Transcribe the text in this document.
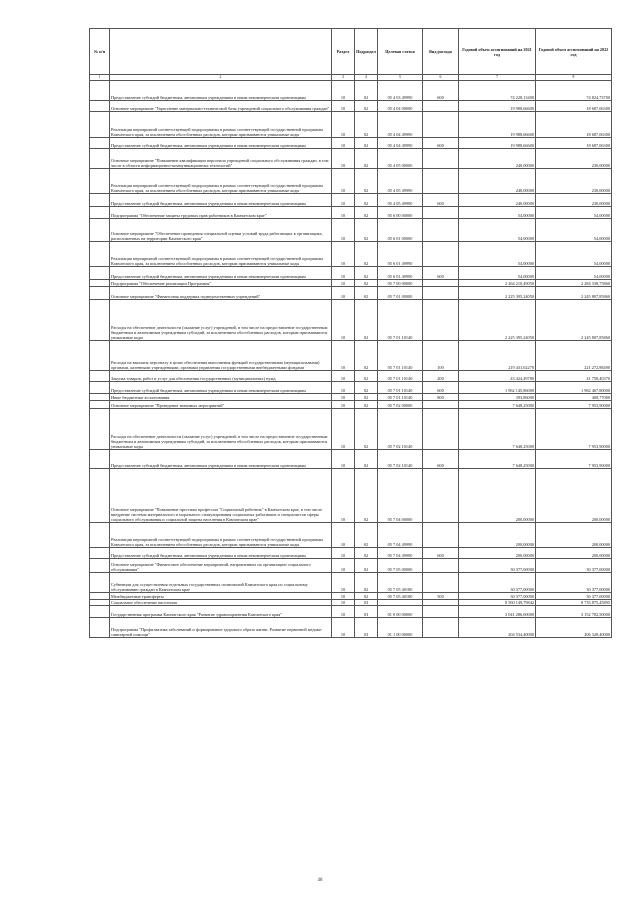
№ п/п		Раздел	Подраздел	Целевая статья	Вид расхода	Годовой объем ассигнований на 2021 год	Годовой объем ассигнований на 2022 год
1	2	3	4	5	6	7	8
	Предоставление субсидий бюджетным, автономным учреждениям и иным некоммерческим организациям	10	02	05 4 03 49990	600	74 228,13400	74 824,73700
	Основное мероприятие "Укрепление материально-технической базы учреждений социального обслуживания граждан"	10	02	05 4 04 00000		19 988,66600	18 687,06300
	Реализация мероприятий соответствующей подпрограммы в рамках соответствующей государственной программы Камчатского края, за исключением обособленных расходов, которым присваиваются уникальные коды	10	02	05 4 04 49990		19 988,66600	18 687,06300
	Предоставление субсидий бюджетным, автономным учреждениям и иным некоммерческим организациям	10	02	05 4 04 49990	600	19 988,66600	18 687,06300
	Основное мероприятие "Повышение квалификации персонала учреждений социального обслуживания граждан, в том числе в области информационно-коммуникационных технологий"	10	02	05 4 05 00000		240,00000	230,00000
	Реализация мероприятий соответствующей подпрограммы в рамках соответствующей государственной программы Камчатского края, за исключением обособленных расходов, которым присваиваются уникальные коды	10	02	05 4 05 49990		240,00000	230,00000
	Предоставление субсидий бюджетным, автономным учреждениям и иным некоммерческим организациям	10	02	05 4 05 49990	600	240,00000	230,00000
	Подпрограмма "Обеспечение защиты трудовых прав работников в Камчатском крае"	10	02	05 6 00 00000		54,00000	54,00000
	Основное мероприятие "Обеспечение проведения специальной оценки условий труда работающих в организациях, расположенных на территории Камчатского края"	10	02	05 6 01 00000		54,00000	54,00000
	Реализация мероприятий соответствующей подпрограммы в рамках соответствующей государственной программы Камчатского края, за исключением обособленных расходов, которым присваиваются уникальные коды	10	02	05 6 01 49990		54,00000	54,00000
	Предоставление субсидий бюджетным, автономным учреждениям и иным некоммерческим организациям	10	02	05 6 01 49990	600	54,00000	54,00000
	Подпрограмма "Обеспечение реализации Программы"	10	02	05 7 00 00000		2 264 210,49050	2 284 338,75860
	Основное мероприятие "Финансовая поддержка подведомственных учреждений"	10	02	05 7 01 00000		2 225 395,24050	2 245 807,85860
	Расходы на обеспечение деятельности (оказание услуг) учреждений, в том числе на предоставление государственным бюджетным и автономным учреждениям субсидий, за исключением обособленных расходов, которым присваиваются уникальные коды	10	02	05 7 01 10140		2 225 395,24050	2 245 807,85860
	Расходы на выплаты персоналу в целях обеспечения выполнения функций государственными (муниципальными) органами, казенными учреждениями, органами управления государственными внебюджетными фондами	10	02	05 7 01 10140	100	219 431,02270	221 272,88490
	Закупка товаров, работ и услуг для обеспечения государственных (муниципальных) нужд	10	02	05 7 01 10140	200	43 424,49780	41 758,40370
	Предоставление субсидий бюджетным, автономным учреждениям и иным некоммерческим организациям	10	02	05 7 01 10140	600	1 962 145,86000	1 982 467,80000
	Иные бюджетные ассигнования	10	02	05 7 01 10140	800	393,86000	408,77000
	Основное мероприятие "Проведение значимых мероприятий"	10	02	05 7 02 00000		7 648,25000	7 953,90000
	Расходы на обеспечение деятельности (оказание услуг) учреждений, в том числе на предоставление государственным бюджетным и автономным учреждениям субсидий, за исключением обособленных расходов, которым присваиваются уникальные коды	10	02	05 7 02 10140		7 648,25000	7 953,90000
	Предоставление субсидий бюджетным, автономным учреждениям и иным некоммерческим организациям	10	02	05 7 02 10140	600	7 648,25000	7 953,90000
	Основное мероприятие "Повышение престижа профессии "Социальный работник" в Камчатском крае, в том числе внедрение системы материального и морального стимулирования социальных работников и специалистов сферы социального обслуживания и социальной защиты населения в Камчатском крае"	10	02	05 7 04 00000		200,00000	200,00000
	Реализация мероприятий соответствующей подпрограммы в рамках соответствующей государственной программы Камчатского края, за исключением обособленных расходов, которым присваиваются уникальные коды	10	02	05 7 04 49990		200,00000	200,00000
	Предоставление субсидий бюджетным, автономным учреждениям и иным некоммерческим организациям	10	02	05 7 04 49990	600	200,00000	200,00000
	Основное мероприятие "Финансовое обеспечение мероприятий, направленных на организацию социального обслуживания"	10	02	05 7 05 00000		30 377,00000	30 377,00000
	Субвенции для осуществления отдельных государственных полномочий Камчатского края по социальному обслуживанию граждан в Камчатском крае	10	02	05 7 05 40180		30 377,00000	30 377,00000
	Межбюджетные трансферты	10	02	05 7 05 40180	500	30 377,00000	30 377,00000
	Социальное обеспечение населения	10	03			8 560 149,79842	8 735 875,45895
	Государственная программа Камчатского края "Развитие здравоохранения Камчатского края"	10	03	01 0 00 00000		3 041 286,00000	3 152 782,50000
	Подпрограмма "Профилактика заболеваний и формирование здорового образа жизни. Развитие первичной медико-санитарной помощи"	10	03	01 1 00 00000		204 534,40000	206 328,40000
48
